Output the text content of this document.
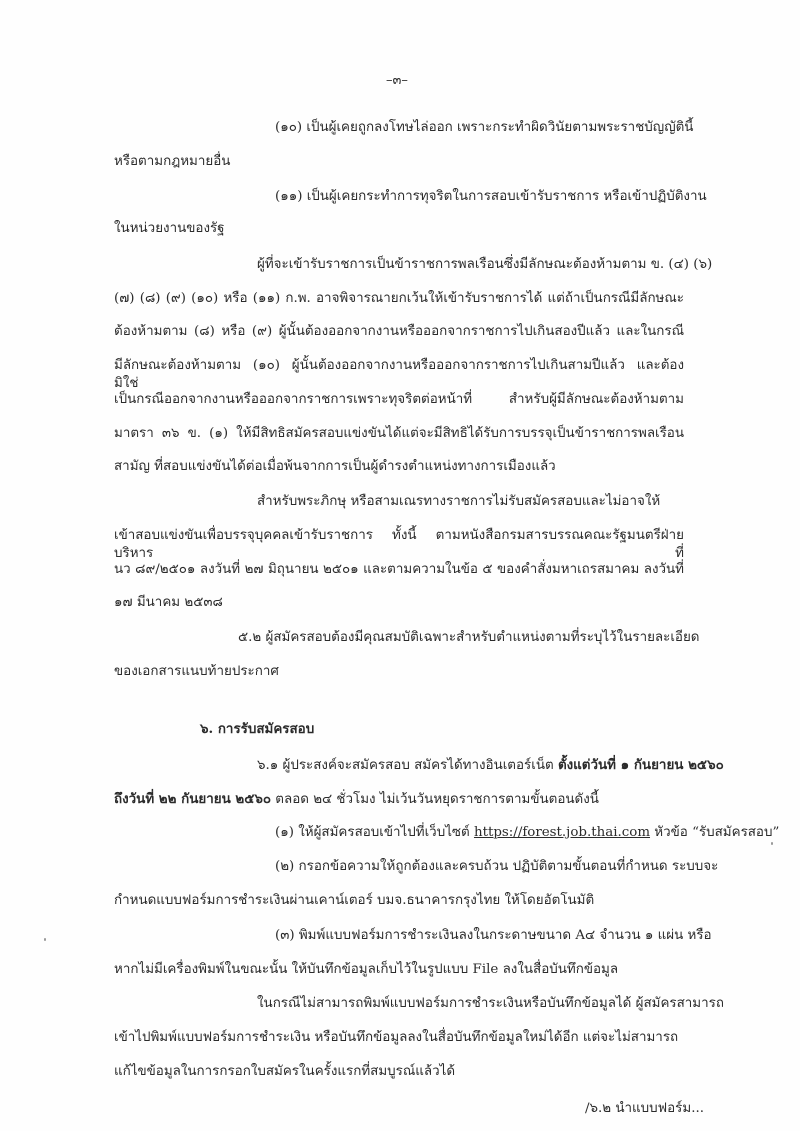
–๓–
(๑๐) เป็นผู้เคยถูกลงโทษไล่ออก เพราะกระทำผิดวินัยตามพระราชบัญญัตินี้
หรือตามกฎหมายอื่น
(๑๑) เป็นผู้เคยกระทำการทุจริตในการสอบเข้ารับราชการ หรือเข้าปฏิบัติงาน
ในหน่วยงานของรัฐ
ผู้ที่จะเข้ารับราชการเป็นข้าราชการพลเรือนซึ่งมีลักษณะต้องห้ามตาม ข. (๔) (๖)
(๗) (๘) (๙) (๑๐) หรือ (๑๑) ก.พ. อาจพิจารณายกเว้นให้เข้ารับราชการได้ แต่ถ้าเป็นกรณีมีลักษณะ
ต้องห้ามตาม (๘) หรือ (๙) ผู้นั้นต้องออกจากงานหรือออกจากราชการไปเกินสองปีแล้ว และในกรณี
มีลักษณะต้องห้ามตาม (๑๐) ผู้นั้นต้องออกจากงานหรือออกจากราชการไปเกินสามปีแล้ว และต้องมิใช่
เป็นกรณีออกจากงานหรือออกจากราชการเพราะทุจริตต่อหน้าที่ สำหรับผู้มีลักษณะต้องห้ามตาม
มาตรา ๓๖ ข. (๑) ให้มีสิทธิสมัครสอบแข่งขันได้แต่จะมีสิทธิได้รับการบรรจุเป็นข้าราชการพลเรือน
สามัญ ที่สอบแข่งขันได้ต่อเมื่อพ้นจากการเป็นผู้ดำรงตำแหน่งทางการเมืองแล้ว
สำหรับพระภิกษุ หรือสามเณรทางราชการไม่รับสมัครสอบและไม่อาจให้
เข้าสอบแข่งขันเพื่อบรรจุบุคคลเข้ารับราชการ ทั้งนี้ ตามหนังสือกรมสารบรรณคณะรัฐมนตรีฝ่ายบริหาร ที่
นว ๘๙/๒๕๐๑ ลงวันที่ ๒๗ มิถุนายน ๒๕๐๑ และตามความในข้อ ๕ ของคำสั่งมหาเถรสมาคม ลงวันที่
๑๗ มีนาคม ๒๕๓๘
๕.๒ ผู้สมัครสอบต้องมีคุณสมบัติเฉพาะสำหรับตำแหน่งตามที่ระบุไว้ในรายละเอียด
ของเอกสารแนบท้ายประกาศ
๖. การรับสมัครสอบ
๖.๑ ผู้ประสงค์จะสมัครสอบ สมัครได้ทางอินเตอร์เน็ต ตั้งแต่วันที่ ๑ กันยายน ๒๕๖๐
ถึงวันที่ ๒๒ กันยายน ๒๕๖๐ ตลอด ๒๔ ชั่วโมง ไม่เว้นวันหยุดราชการตามขั้นตอนดังนี้
(๑) ให้ผู้สมัครสอบเข้าไปที่เว็บไซต์ https://forest.job.thai.com หัวข้อ “รับสมัครสอบ”
(๒) กรอกข้อความให้ถูกต้องและครบถ้วน ปฏิบัติตามขั้นตอนที่กำหนด ระบบจะ
กำหนดแบบฟอร์มการชำระเงินผ่านเคาน์เตอร์ บมจ.ธนาคารกรุงไทย ให้โดยอัตโนมัติ
(๓) พิมพ์แบบฟอร์มการชำระเงินลงในกระดาษขนาด A๔ จำนวน ๑ แผ่น หรือ
หากไม่มีเครื่องพิมพ์ในขณะนั้น ให้บันทึกข้อมูลเก็บไว้ในรูปแบบ File ลงในสื่อบันทึกข้อมูล
ในกรณีไม่สามารถพิมพ์แบบฟอร์มการชำระเงินหรือบันทึกข้อมูลได้ ผู้สมัครสามารถ
เข้าไปพิมพ์แบบฟอร์มการชำระเงิน หรือบันทึกข้อมูลลงในสื่อบันทึกข้อมูลใหม่ได้อีก แต่จะไม่สามารถ
แก้ไขข้อมูลในการกรอกใบสมัครในครั้งแรกที่สมบูรณ์แล้วได้
/๖.๒ นำแบบฟอร์ม...
